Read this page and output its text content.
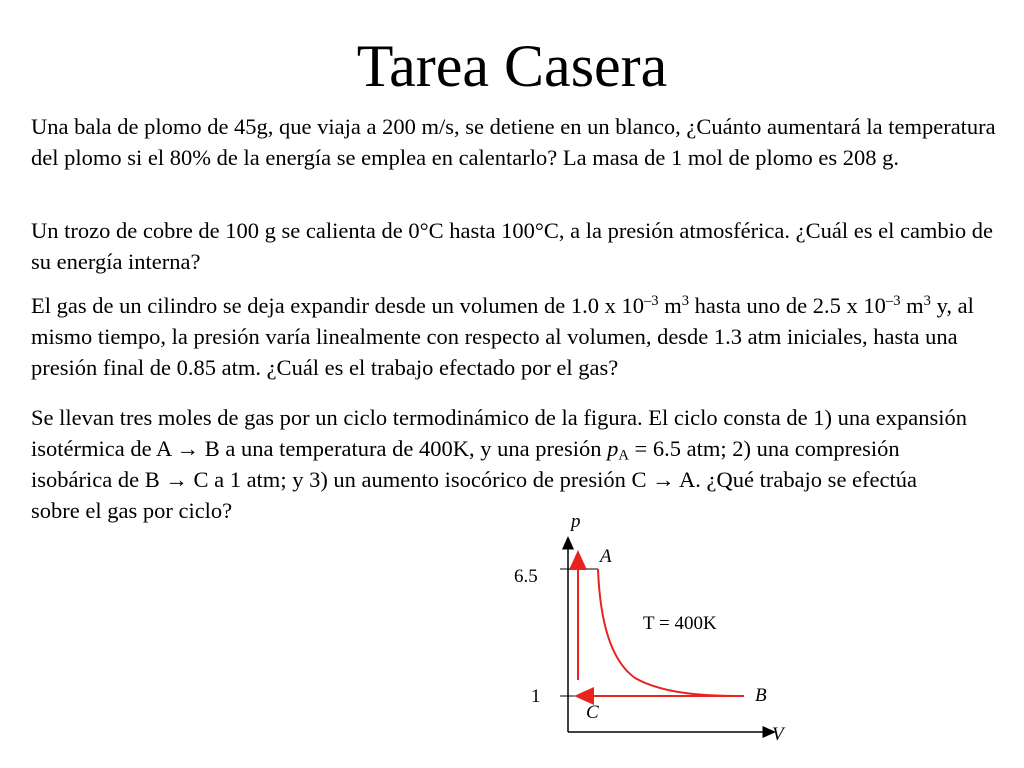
Tarea Casera

Una bala de plomo de 45g, que viaja a 200 m/s, se detiene en un blanco, ¿Cuánto aumentará la temperatura del plomo si el 80% de la energía se emplea en calentarlo? La masa de 1 mol de plomo es 208 g.

Un trozo de cobre de 100 g se calienta de 0°C hasta 100°C, a la presión atmosférica. ¿Cuál es el cambio de su energía interna?

El gas de un cilindro se deja expandir desde un volumen de 1.0 x $10^{-3}$ $m^3$ hasta uno de 2.5 x $10^{-3}$ $m^3$ y, al mismo tiempo, la presión varía linealmente con respecto al volumen, desde 1.3 atm iniciales, hasta una presión final de 0.85 atm. ¿Cuál es el trabajo efectado por el gas?

Se llevan tres moles de gas por un ciclo termodinámico de la figura. El ciclo consta de 1) una expansión isotérmica de A → B a una temperatura de 400K, y una presión $p_A = 6.5$ atm; 2) una compresión isobárica de B → C a 1 atm; y 3) un aumento isocórico de presión C → A. ¿Qué trabajo se efectúa sobre el gas por ciclo?	p
V
6.5
1
A
B
C
T = 400K
